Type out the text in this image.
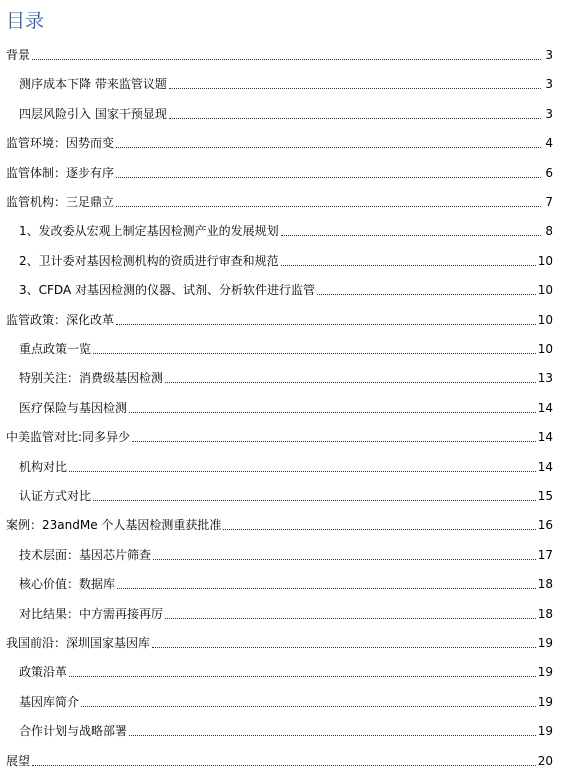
目录
背景	3
测序成本下降 带来监管议题	3
四层风险引入 国家干预显现	3
监管环境：因势而变	4
监管体制：逐步有序	6
监管机构：三足鼎立	7
1、发改委从宏观上制定基因检测产业的发展规划	8
2、卫计委对基因检测机构的资质进行审查和规范	10
3、CFDA 对基因检测的仪器、试剂、分析软件进行监管	10
监管政策：深化改革	10
重点政策一览	10
特别关注：消费级基因检测	13
医疗保险与基因检测	14
中美监管对比:同多异少	14
机构对比	14
认证方式对比	15
案例：23andMe 个人基因检测重获批准	16
技术层面：基因芯片筛查	17
核心价值：数据库	18
对比结果：中方需再接再厉	18
我国前沿：深圳国家基因库	19
政策沿革	19
基因库简介	19
合作计划与战略部署	19
展望	20
